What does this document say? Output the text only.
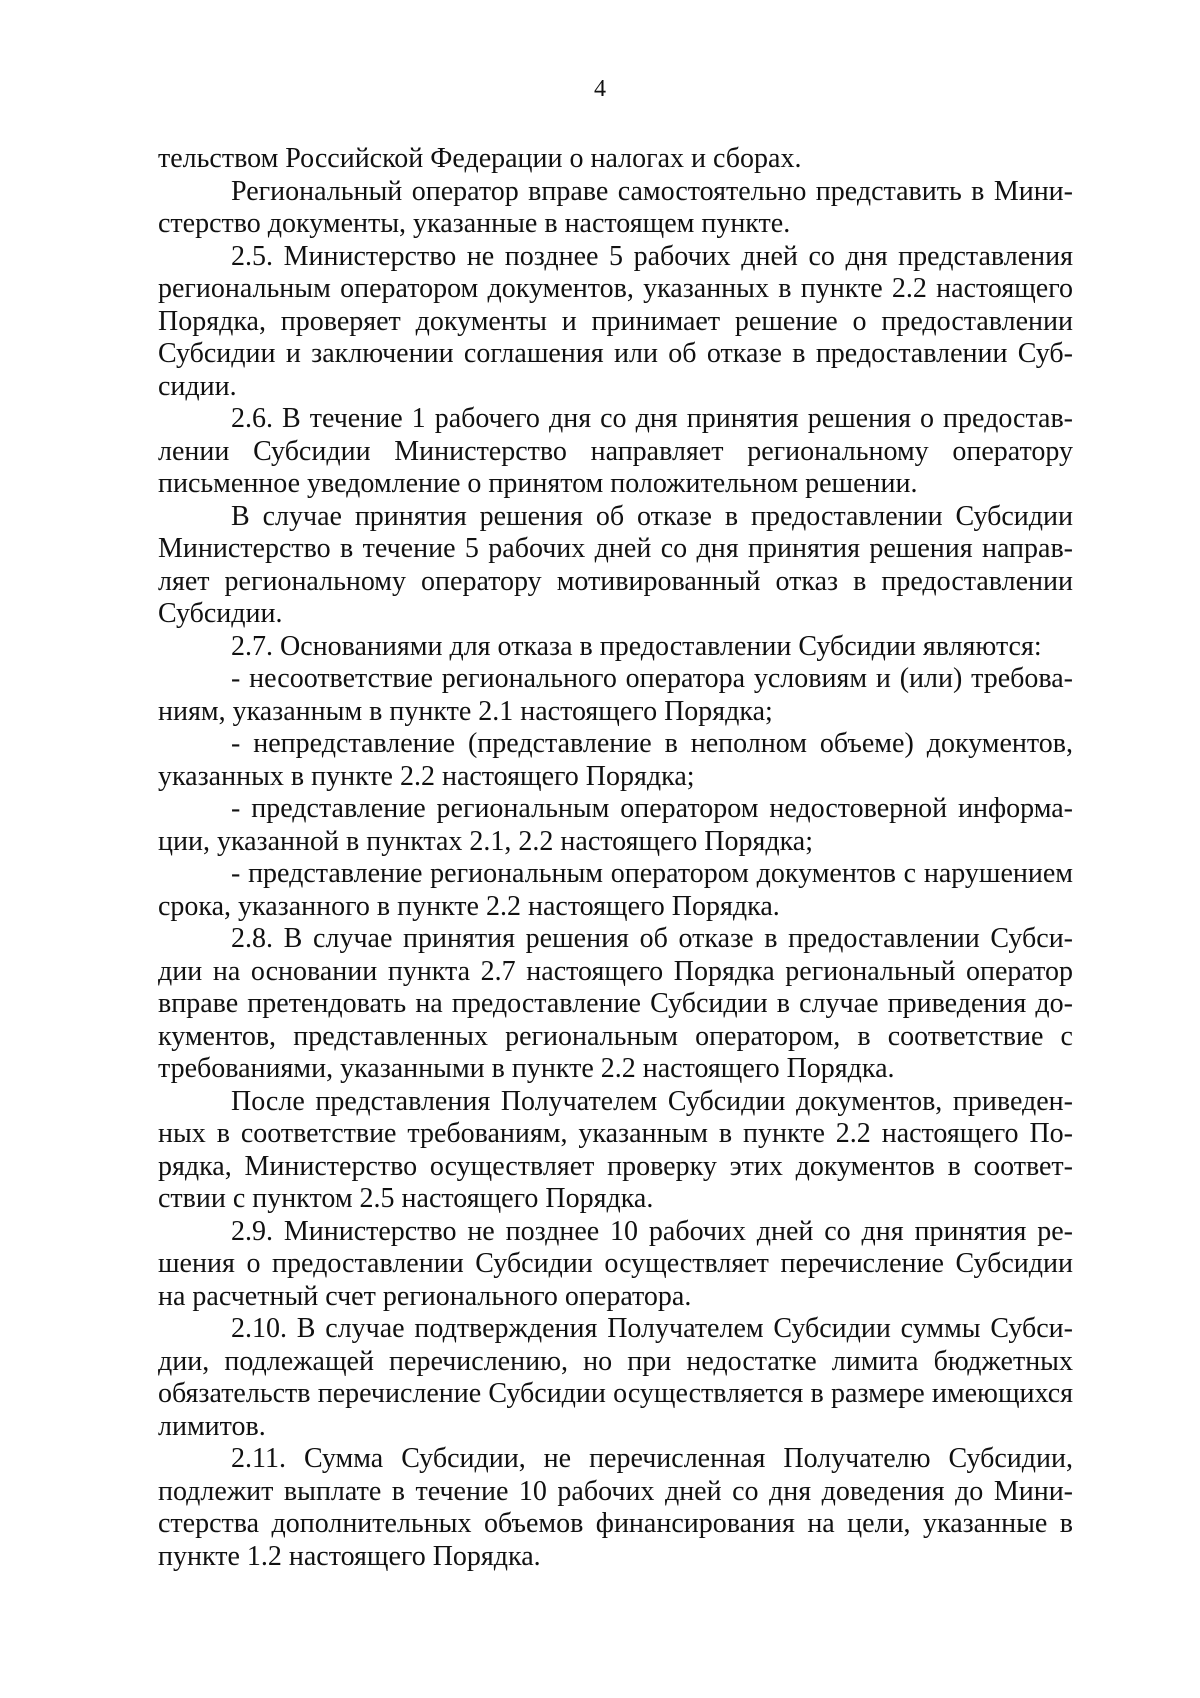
4

тельством Российской Федерации о налогах и сборах.

Региональный оператор вправе самостоятельно представить в Министерство документы, указанные в настоящем пункте.

2.5. Министерство не позднее 5 рабочих дней со дня представления региональным оператором документов, указанных в пункте 2.2 настоящего Порядка, проверяет документы и принимает решение о предоставлении Субсидии и заключении соглашения или об отказе в предоставлении Субсидии.

2.6. В течение 1 рабочего дня со дня принятия решения о предоставлении Субсидии Министерство направляет региональному оператору письменное уведомление о принятом положительном решении.

В случае принятия решения об отказе в предоставлении Субсидии Министерство в течение 5 рабочих дней со дня принятия решения направляет региональному оператору мотивированный отказ в предоставлении Субсидии.

2.7. Основаниями для отказа в предоставлении Субсидии являются:

- несоответствие регионального оператора условиям и (или) требованиям, указанным в пункте 2.1 настоящего Порядка;

- непредставление (представление в неполном объеме) документов, указанных в пункте 2.2 настоящего Порядка;

- представление региональным оператором недостоверной информации, указанной в пунктах 2.1, 2.2 настоящего Порядка;

- представление региональным оператором документов с нарушением срока, указанного в пункте 2.2 настоящего Порядка.

2.8. В случае принятия решения об отказе в предоставлении Субсидии на основании пункта 2.7 настоящего Порядка региональный оператор вправе претендовать на предоставление Субсидии в случае приведения документов, представленных региональным оператором, в соответствие с требованиями, указанными в пункте 2.2 настоящего Порядка.

После представления Получателем Субсидии документов, приведенных в соответствие требованиям, указанным в пункте 2.2 настоящего Порядка, Министерство осуществляет проверку этих документов в соответствии с пунктом 2.5 настоящего Порядка.

2.9. Министерство не позднее 10 рабочих дней со дня принятия решения о предоставлении Субсидии осуществляет перечисление Субсидии на расчетный счет регионального оператора.

2.10. В случае подтверждения Получателем Субсидии суммы Субсидии, подлежащей перечислению, но при недостатке лимита бюджетных обязательств перечисление Субсидии осуществляется в размере имеющихся лимитов.

2.11. Сумма Субсидии, не перечисленная Получателю Субсидии, подлежит выплате в течение 10 рабочих дней со дня доведения до Министерства дополнительных объемов финансирования на цели, указанные в пункте 1.2 настоящего Порядка.
